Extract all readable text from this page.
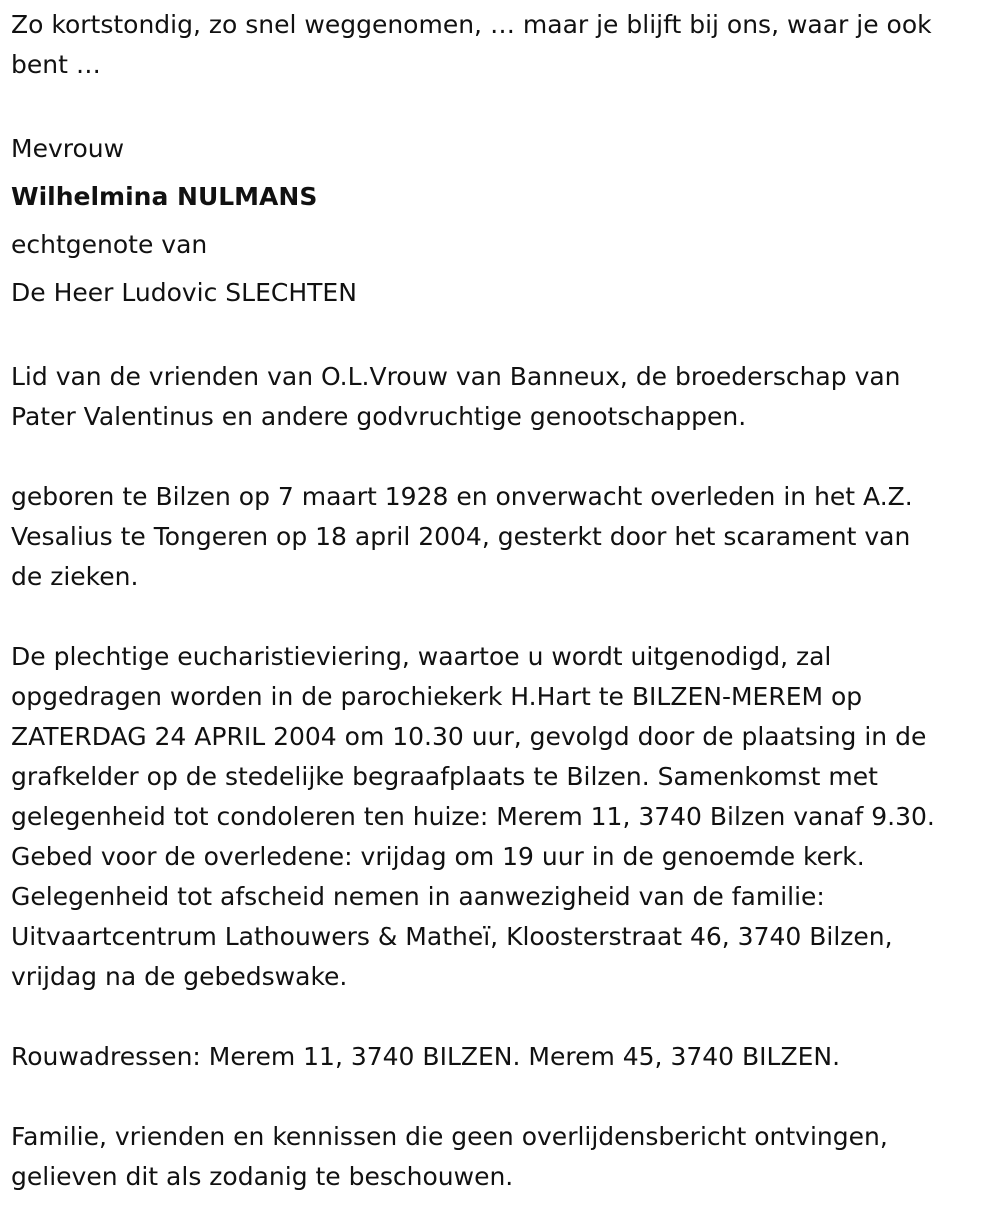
Zo kortstondig, zo snel weggenomen, … maar je blijft bij ons, waar je ook

bent …

Mevrouw

Wilhelmina NULMANS

echtgenote van

De Heer Ludovic SLECHTEN

Lid van de vrienden van O.L.Vrouw van Banneux, de broederschap van

Pater Valentinus en andere godvruchtige genootschappen.

geboren te Bilzen op 7 maart 1928 en onverwacht overleden in het A.Z.

Vesalius te Tongeren op 18 april 2004, gesterkt door het scarament van

de zieken.

De plechtige eucharistieviering, waartoe u wordt uitgenodigd, zal

opgedragen worden in de parochiekerk H.Hart te BILZEN-MEREM op

ZATERDAG 24 APRIL 2004 om 10.30 uur, gevolgd door de plaatsing in de

grafkelder op de stedelijke begraafplaats te Bilzen. Samenkomst met

gelegenheid tot condoleren ten huize: Merem 11, 3740 Bilzen vanaf 9.30.

Gebed voor de overledene: vrijdag om 19 uur in de genoemde kerk.

Gelegenheid tot afscheid nemen in aanwezigheid van de familie:

Uitvaartcentrum Lathouwers & Matheï, Kloosterstraat 46, 3740 Bilzen,

vrijdag na de gebedswake.

Rouwadressen: Merem 11, 3740 BILZEN. Merem 45, 3740 BILZEN.

Familie, vrienden en kennissen die geen overlijdensbericht ontvingen,

gelieven dit als zodanig te beschouwen.
